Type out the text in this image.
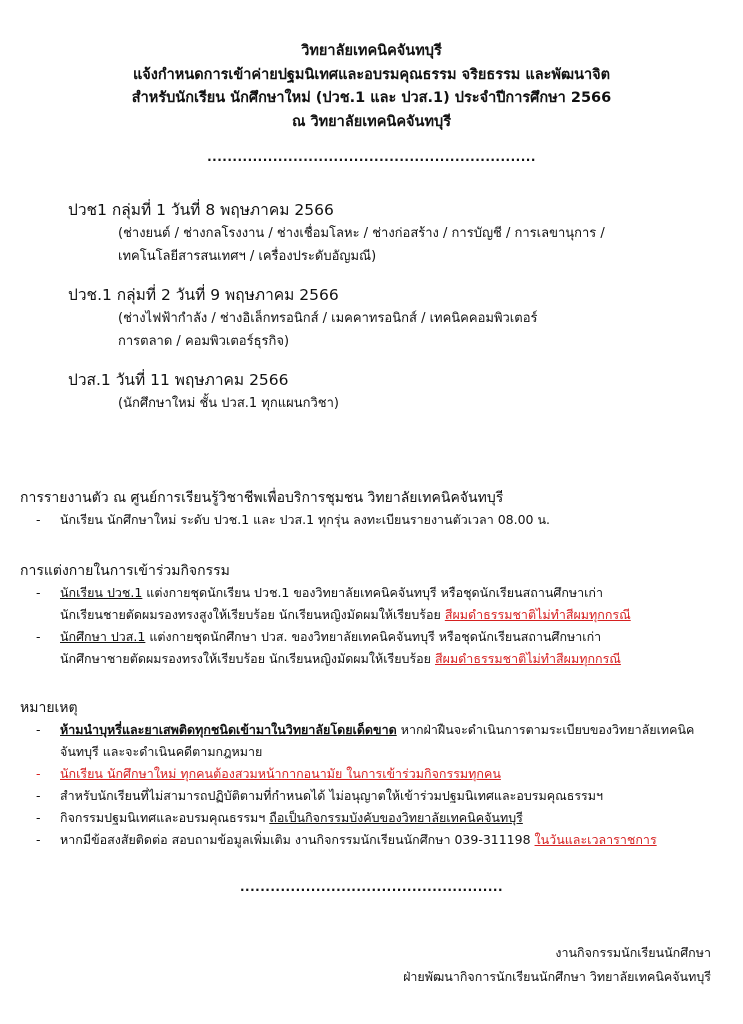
วิทยาลัยเทคนิคจันทบุรี
แจ้งกำหนดการเข้าค่ายปฐมนิเทศและอบรมคุณธรรม จริยธรรม และพัฒนาจิต
สำหรับนักเรียน นักศึกษาใหม่ (ปวช.1 และ ปวส.1) ประจำปีการศึกษา 2566
ณ วิทยาลัยเทคนิคจันทบุรี
.................................................................
ปวช1 กลุ่มที่ 1 วันที่ 8 พฤษภาคม 2566
(ช่างยนต์ / ช่างกลโรงงาน / ช่างเชื่อมโลหะ / ช่างก่อสร้าง / การบัญชี / การเลขานุการ /
เทคโนโลยีสารสนเทศฯ / เครื่องประดับอัญมณี)
ปวช.1 กลุ่มที่ 2 วันที่ 9 พฤษภาคม 2566
(ช่างไฟฟ้ากำลัง / ช่างอิเล็กทรอนิกส์ / เมคคาทรอนิกส์ / เทคนิคคอมพิวเตอร์
การตลาด / คอมพิวเตอร์ธุรกิจ)
ปวส.1 วันที่ 11 พฤษภาคม 2566
(นักศึกษาใหม่ ชั้น ปวส.1 ทุกแผนกวิชา)
การรายงานตัว ณ ศูนย์การเรียนรู้วิชาชีพเพื่อบริการชุมชน วิทยาลัยเทคนิคจันทบุรี
- นักเรียน นักศึกษาใหม่ ระดับ ปวช.1 และ ปวส.1 ทุกรุ่น ลงทะเบียนรายงานตัวเวลา 08.00 น.
การแต่งกายในการเข้าร่วมกิจกรรม
- นักเรียน ปวช.1 แต่งกายชุดนักเรียน ปวช.1 ของวิทยาลัยเทคนิคจันทบุรี หรือชุดนักเรียนสถานศึกษาเก่า
นักเรียนชายตัดผมรองทรงสูงให้เรียบร้อย นักเรียนหญิงมัดผมให้เรียบร้อย สีผมดำธรรมชาติไม่ทำสีผมทุกกรณี
- นักศึกษา ปวส.1 แต่งกายชุดนักศึกษา ปวส. ของวิทยาลัยเทคนิคจันทบุรี หรือชุดนักเรียนสถานศึกษาเก่า
นักศึกษาชายตัดผมรองทรงให้เรียบร้อย นักเรียนหญิงมัดผมให้เรียบร้อย สีผมดำธรรมชาติไม่ทำสีผมทุกกรณี
หมายเหตุ
- ห้ามนำบุหรี่และยาเสพติดทุกชนิดเข้ามาในวิทยาลัยโดยเด็ดขาด หากฝ่าฝืนจะดำเนินการตามระเบียบของวิทยาลัยเทคนิค
จันทบุรี และจะดำเนินคดีตามกฎหมาย
- นักเรียน นักศึกษาใหม่ ทุกคนต้องสวมหน้ากากอนามัย ในการเข้าร่วมกิจกรรมทุกคน
- สำหรับนักเรียนที่ไม่สามารถปฏิบัติตามที่กำหนดได้ ไม่อนุญาตให้เข้าร่วมปฐมนิเทศและอบรมคุณธรรมฯ
- กิจกรรมปฐมนิเทศและอบรมคุณธรรมฯ ถือเป็นกิจกรรมบังคับของวิทยาลัยเทคนิคจันทบุรี
- หากมีข้อสงสัยติดต่อ สอบถามข้อมูลเพิ่มเติม งานกิจกรรมนักเรียนนักศึกษา 039-311198 ในวันและเวลาราชการ
....................................................
งานกิจกรรมนักเรียนนักศึกษา
ฝ่ายพัฒนากิจการนักเรียนนักศึกษา วิทยาลัยเทคนิคจันทบุรี
